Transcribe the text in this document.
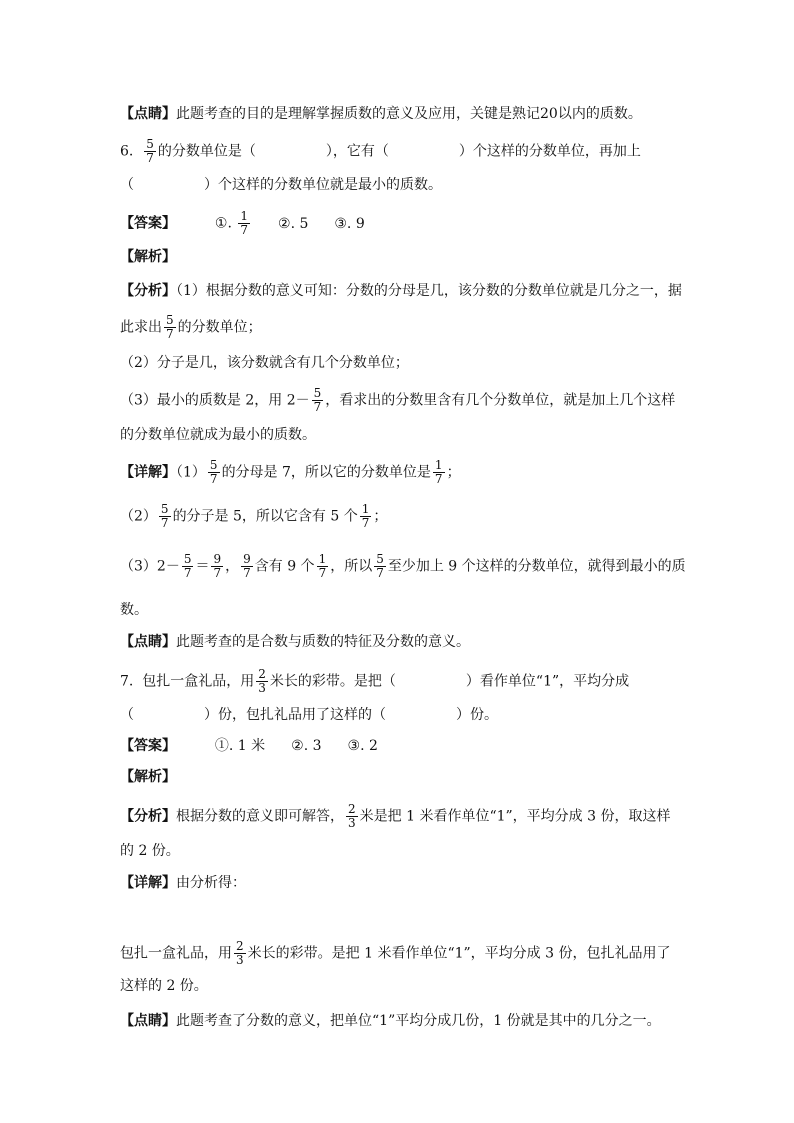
【点睛】此题考查的目的是理解掌握质数的意义及应用，关键是熟记20以内的质数。
6. $\frac{5}{7}$ 的分数单位是（	），它有（	）个这样的分数单位，再加上
（	）个这样的分数单位就是最小的质数。
【答案】	①. $\frac{1}{7}$ ②. 5 ③. 9
【解析】
【分析】（1）根据分数的意义可知：分数的分母是几，该分数的分数单位就是几分之一，据
此求出 $\frac{5}{7}$ 的分数单位；
（2）分子是几，该分数就含有几个分数单位；
（3）最小的质数是 2，用 $2- \frac{5}{7}$ ，看求出的分数里含有几个分数单位，就是加上几个这样
的分数单位就成为最小的质数。
【详解】$(1) \frac{5}{7}$ 的分母是 7，所以它的分数单位是 $\frac{1}{7}$ ；
$(2) \frac{5}{7}$ 的分子是 5，所以它含有 5 个 $\frac{1}{7}$ ；
$(3)2- \frac{5}{7} = \frac{9}{7}$ ， $\frac{9}{7}$ 含有 9 个 $\frac{1}{7}$ ，所以 $\frac{5}{7}$ 至少加上 9 个这样的分数单位，就得到最小的质
数。
【点睛】此题考查的是合数与质数的特征及分数的意义。
7. 包扎一盒礼品，用 $\frac{2}{3}$ 米长的彩带。是把（	）看作单位“1”，平均分成
（	）份，包扎礼品用了这样的（	）份。
【答案】	①. 1 米 ②. 3 ③. 2
【解析】
【分析】根据分数的意义即可解答， $\frac{2}{3}$ 米是把 1 米看作单位“1”，平均分成 3 份，取这样
的 2 份。
【详解】由分析得：
包扎一盒礼品，用 $\frac{2}{3}$ 米长的彩带。是把 1 米看作单位“1”，平均分成 3 份，包扎礼品用了
这样的 2 份。
【点睛】此题考查了分数的意义，把单位“1”平均分成几份，1 份就是其中的几分之一。
